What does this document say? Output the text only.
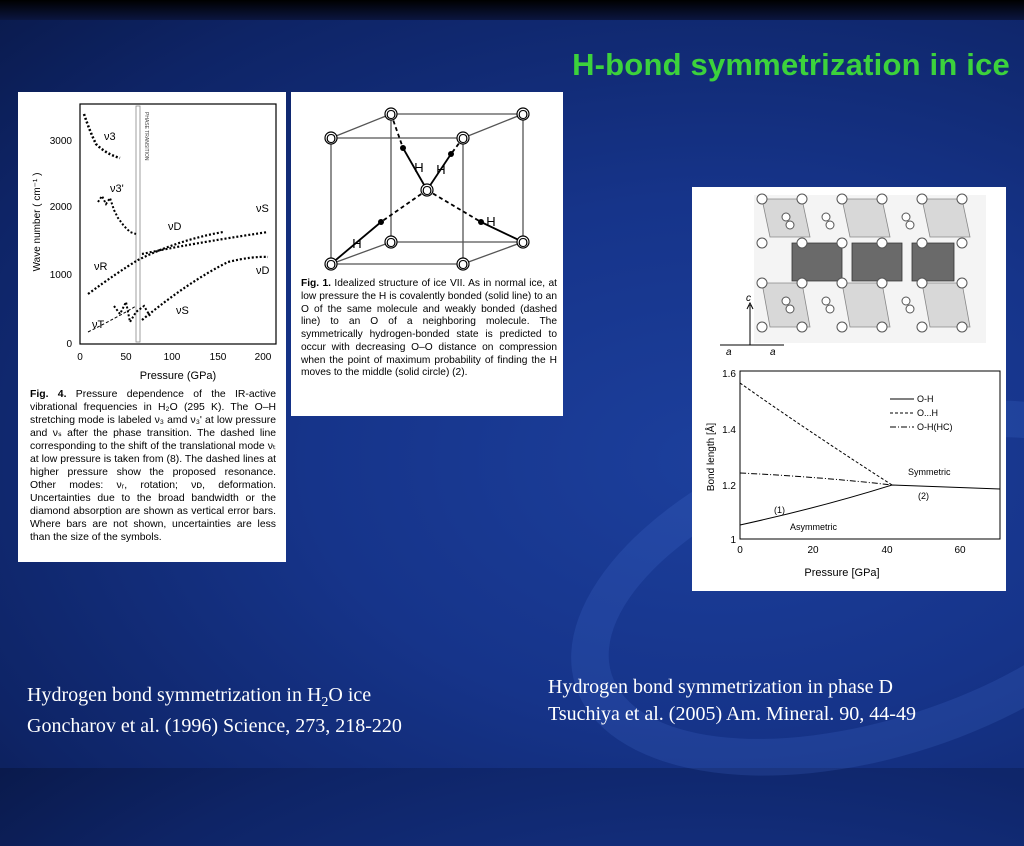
H-bond symmetrization in ice
PHASE TRANSITION
Wave number ( cm⁻¹ )
Pressure (GPa)
0
1000
2000
3000
0	50	100	150	200
ν3
ν3'
νD
νR
νS
νT
νS
νD
Fig. 4. Pressure dependence of the IR-active vibrational frequencies in H₂O (295 K). The O–H stretching mode is labeled ν₃ amd ν₃' at low pressure and νₛ after the phase transition. The dashed line corresponding to the shift of the translational mode νₜ at low pressure is taken from (8). The dashed lines at higher pressure show the proposed resonance. Other modes: νᵣ, rotation; νᴅ, deformation. Uncertainties due to the broad bandwidth or the diamond absorption are shown as vertical error bars. Where bars are not shown, uncertainties are less than the size of the symbols.
O	O
O	O
O
O	O
O	O
H H
H
H
Fig. 1. Idealized structure of ice VII. As in normal ice, at low pressure the H is covalently bonded (solid line) to an O of the same molecule and weakly bonded (dashed line) to an O of a neighboring molecule. The symmetrically hydrogen-bonded state is predicted to occur with decreasing O–O distance on compression when the point of maximum probability of finding the H moves to the middle (solid circle) (2).
c
a	a
Bond length [Å]
Pressure [GPa]
1
1.2
1.4
1.6
0	20	40	60
O-H
O...H
O-H(HC)
Symmetric
Asymmetric
(1)
(2)
Hydrogen bond symmetrization in $H_2O$ ice
Goncharov et al. (1996) Science, 273, 218-220
Hydrogen bond symmetrization in phase D
Tsuchiya et al. (2005) Am. Mineral. 90, 44-49
